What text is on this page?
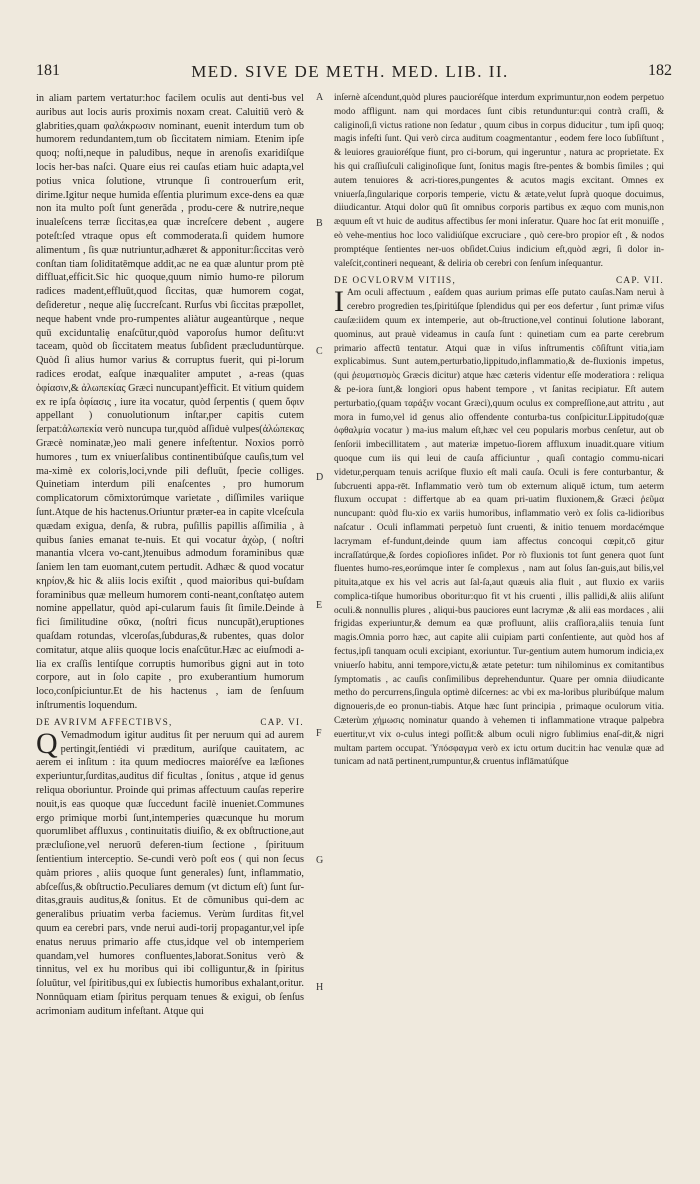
181	MED. SIVE DE METH. MED. LIB. II.	182
A
B
C
D
E
F
G
H

in aliam partem vertatur:hoc facilem oculis aut denti-bus vel auribus aut locis auris proximis noxam creat. Caluitiū verò & glabrities,quam φαλάκρωσιν nominant, euenit interdum tum ob humorem redundantem,tum ob ſiccitatem nimiam. Etenim ipſe quoq; noſti,neque in paludibus, neque in arenoſis exaridiſque locis her-bas naſci. Quare eius rei cauſas etiam huic adapta,vel potius vnica ſolutione, vtrunque ſi controuerſum erit, dirime.Igitur neque humida eſſentia plurimum exce-dens ea quæ non ita multo poſt ſunt generāda , produ-cere & nutrire,neque inualeſcens terræ ſiccitas,ea quæ increſcere debent , augere poteſt:ſed vtraque opus eſt commoderata.ſi quidem humore alimentum , ſis quæ nutriuntur,adhæret & apponitur:ſiccitas verò conſtan tiam ſoliditatēmque addit,ac ne ea quæ aluntur prom ptè diffluat,efficit.Sic hic quoque,quum nimio humo-re pilorum radices madent,effluūt,quod ſiccitas, quæ humorem cogat, deſideretur , neque alię ſuccreſcant. Rurſus vbi ſiccitas præpollet, neque habent vnde pro-rumpentes aliàtur augeantùrque , neque quū exciduntalię enaſcūtur,quòd vaporoſus humor deſitu:vt taceam, quòd ob ſiccitatem meatus ſubſident præcluduntùrque. Quòd ſi alius humor varius & corruptus fuerit, qui pi-lorum radices erodat, eaſque inæqualiter amputet , a-reas (quas ὀφίασιν,& ἀλωπεκίας Græci nuncupant)efficit. Et vitium quidem ex re ipſa ὀφίασις , iure ita vocatur, quòd ſerpentis ( quem ὄφιν appellant ) conuolutionum inſtar,per capitis cutem ſerpat:ἀλωπεκία verò nuncupa tur,quòd aſſiduè vulpes(ἀλώπεκας Græcè nominatæ,)eo mali genere infeſtentur. Noxios porrò humores , tum ex vniuerſalibus continentibúſque cauſis,tum vel ma-ximè ex coloris,loci,vnde pili defluūt, ſpecie colliges. Quinetiam interdum pili enaſcentes , pro humorum complicatorum cōmixtorúmque varietate , diſſimiles variique ſunt.Atque de his hactenus.Oriuntur præter-ea in capite vlceſcula quædam exigua, denſa, & rubra, puſillis papillis aſſimilia , à quibus ſanies emanat te-nuis. Et qui vocatur ἀχὼρ, ( noſtri manantia vlcera vo-cant,)tenuibus admodum foraminibus quæ ſaniem len tam euomant,cutem pertudit. Adhæc & quod vocatur κηρίον,& hic & aliis locis exiſtit , quod maioribus qui-buſdam foraminibus quæ melleum humorem conti-neant,conſtatęo autem nomine appellatur, quòd api-cularum fauis ſit ſimile.Deinde à fici ſimilitudine σῦκα, (noſtri ficus nuncupāt),eruptiones quaſdam rotundas, vlceroſas,ſubduras,& rubentes, quas dolor comitatur, atque aliis quoque locis enaſcūtur.Hæc ac eiuſmodi a-lia ex craſſis lentiſque corruptis humoribus gigni aut in toto corpore, aut in ſolo capite , pro exuberantium humorum loco,conſpiciuntur.Et de his hactenus , iam de ſenſuum inſtrumentis loquendum.

DE AVRIVM AFFECTIBVS,	CAP. VI.

Q Vemadmodum igitur auditus ſit per neruum qui ad aurem pertingit,ſentiédi vi præditum, auriſque cauitatem, ac aerem ei inſitum : ita quum mediocres maioréſve ea læſiones experiuntur,ſurditas,auditus dif ficultas , ſonitus , atque id genus reliqua oboriuntur. Proinde qui primas affectuum cauſas reperire nouit,is eas quoque quæ ſuccedunt facilè inueniet.Communes ergo primique morbi ſunt,intemperies quæcunque hu morum quorumlibet affluxus , continuitatis diuiſio, & ex obſtructione,aut præcluſione,vel neruorū deferen-tium ſectione , ſpirituum ſentientium interceptio. Se-cundi verò poſt eos ( qui non ſecus quàm priores , aliis quoque ſunt generales) ſunt, inflammatio, abſceſſus,& obſtructio.Peculiares demum (vt dictum eſt) ſunt ſur-ditas,grauis auditus,& ſonitus. Et de cōmunibus qui-dem ac generalibus priuatim verba faciemus. Verùm ſurditas fit,vel quum ea cerebri pars, vnde nerui audi-torij propagantur,vel ipſe enatus neruus primario affe ctus,idque vel ob intemperiem quandam,vel humores confluentes,laborat.Sonitus verò & tinnitus, vel ex hu moribus qui ibi colliguntur,& in ſpiritus ſoluūtur, vel ſpiritibus,qui ex ſubiectis humoribus exhalant,oritur. Nonnūquam etiam ſpiritus perquam tenues & exigui, ob ſenſus acrimoniam auditum infeſtant. Atque qui

inſernè aſcendunt,quòd plures paucioréſque interdum exprimuntur,non eodem perpetuo modo affligunt. nam qui mordaces ſunt cibis retunduntur:qui contrà craſſi, & caliginoſi,ſi victus ratione non ſedatur , quum cibus in corpus diducitur , tum ipſi quoq; magis infeſti ſunt. Qui verò circa auditum coagmentantur , eodem fere loco ſubſiſtunt , & leuiores grauioréſque fiunt, pro ci-borum, qui ingeruntur , natura ac proprietate. Ex his qui craſſiuſculi caliginoſique ſunt, ſonitus magis ſtre-pentes & bombis ſimiles ; qui autem tenuiores & acri-tiores,pungentes & acutos magis excitant. Omnes ex vniuerſa,ſingularique corporis temperie, victu & ætate,velut ſuprà quoque docuimus, diiudicantur. Atqui dolor quū ſit omnibus corporis partibus ex æquo com munis,non æquum eſt vt huic de auditus affectibus ſer moni inſeratur. Quare hoc ſat erit monuiſſe , eò vehe-mentius hoc loco validiúſque excruciare , quò cere-bro propior eſt , & nodos promptéque ſentientes ner-uos obſidet.Cuius indicium eſt,quòd ægri, ſi dolor in-valeſcit,contineri nequeant, & deliria ob cerebri con ſenſum inſequantur.

DE OCVLORVM VITIIS,	CAP. VII.

I Am oculi affectuum , eaſdem quas aurium primas eſſe putato cauſas.Nam neruì à cerebro progredien tes,ſpiritúſque ſplendidus qui per eos defertur , ſunt primæ viſus cauſæ:iidem quum ex intemperie, aut ob-ſtructione,vel continui ſolutione laborant, quominus, aut prauè videamus in cauſa ſunt : quinetiam cum ea parte cerebrum primario affectū tentatur. Atqui quæ in viſus inſtrumentis cōſiſtunt vitia,iam explicabimus. Sunt autem,perturbatio,lippitudo,inflammatio,& de-fluxionis impetus,(qui ῥευματισμὸς Græcis dicitur) atque hæc cæteris videntur eſſe moderatiora : reliqua & pe-iora ſunt,& longiori opus habent tempore , vt ſanitas recipiatur. Eſt autem perturbatio,(quam ταράξιν vocant Græci),quum oculus ex compreſſione,aut attritu , aut mora in fumo,vel id genus alio offendente conturba-tus conſpicitur.Lippitudo(quæ ὀφθαλμία vocatur ) ma-ius malum eſt,hæc vel ceu popularis morbus cenſetur, aut ob ſenſorii imbecillitatem , aut materiæ impetuo-ſiorem affluxum inuadit.quare vitium quoque cum iis qui leui de cauſa afficiuntur , quaſi contagio commu-nicari videtur,perquam tenuis acriſque fluxio eſt mali cauſa. Oculi is fere conturbantur, & ſubcruenti appa-rēt. Inflammatio verò tum ob externum aliquē ictum, tum aeterm fluxum occupat : differtque ab ea quam pri-uatim fluxionem,& Græci ῥεῦμα nuncupant: quòd flu-xio ex variis humoribus, inflammatio verò ex ſolis ca-lidioribus naſcatur . Oculi inflammati perpetuò ſunt cruenti, & initio tenuem mordacémque lacrymam ef-fundunt,deinde quum iam affectus concoqui cœpit,cō gitur incraſſatúrque,& ſordes copioſiores inſidet. Por rò fluxionis tot ſunt genera quot ſunt fluentes humo-res,eorúmque inter ſe complexus , nam aut ſolus ſan-guis,aut bilis,vel pituita,atque ex his vel acris aut ſal-ſa,aut quæuis alia fluit , aut fluxio ex variis complica-tiſque humoribus oboritur:quo fit vt his cruenti , illis pallidi,& aliis aliſunt oculi.& nonnullis plures , aliqui-bus pauciores eunt lacrymæ ,& alii eas mordaces , alii frigidas experiuntur,& demum ea quæ profluunt, aliis craſſiora,aliis tenuia ſunt magis.Omnia porro hæc, aut capite alii cuipiam parti conſentiente, aut quòd hos af fectus,ipſi tanquam oculi excipiant, exoriuntur. Tur-gentium autem humorum indicia,ex vniuerſo habitu, anni tempore,victu,& ætate petetur: tum nihilominus ex comitantibus ſymptomatis , ac cauſis conſimilibus deprehenduntur. Quare per omnia diiudicante metho do percurrens,ſingula optimè diſcernes: ac vbi ex ma-loribus pluribúſque malum dignoueris,de eo pronun-tiabis. Atque hæc ſunt principia , primaque oculorum vitia. Cæterùm χήμωσις nominatur quando à vehemen ti inflammatione vtraque palpebra euertitur,vt vix o-culus integi poſſit:& album oculi nigro ſublimius enaſ-dit,& nigri multam partem occupat. Ὑπόσφαγμα verò ex ictu ortum ducit:in hac venulæ quæ ad tunicam ad natā pertinent,rumpuntur,& cruentus inflāmatúſque
